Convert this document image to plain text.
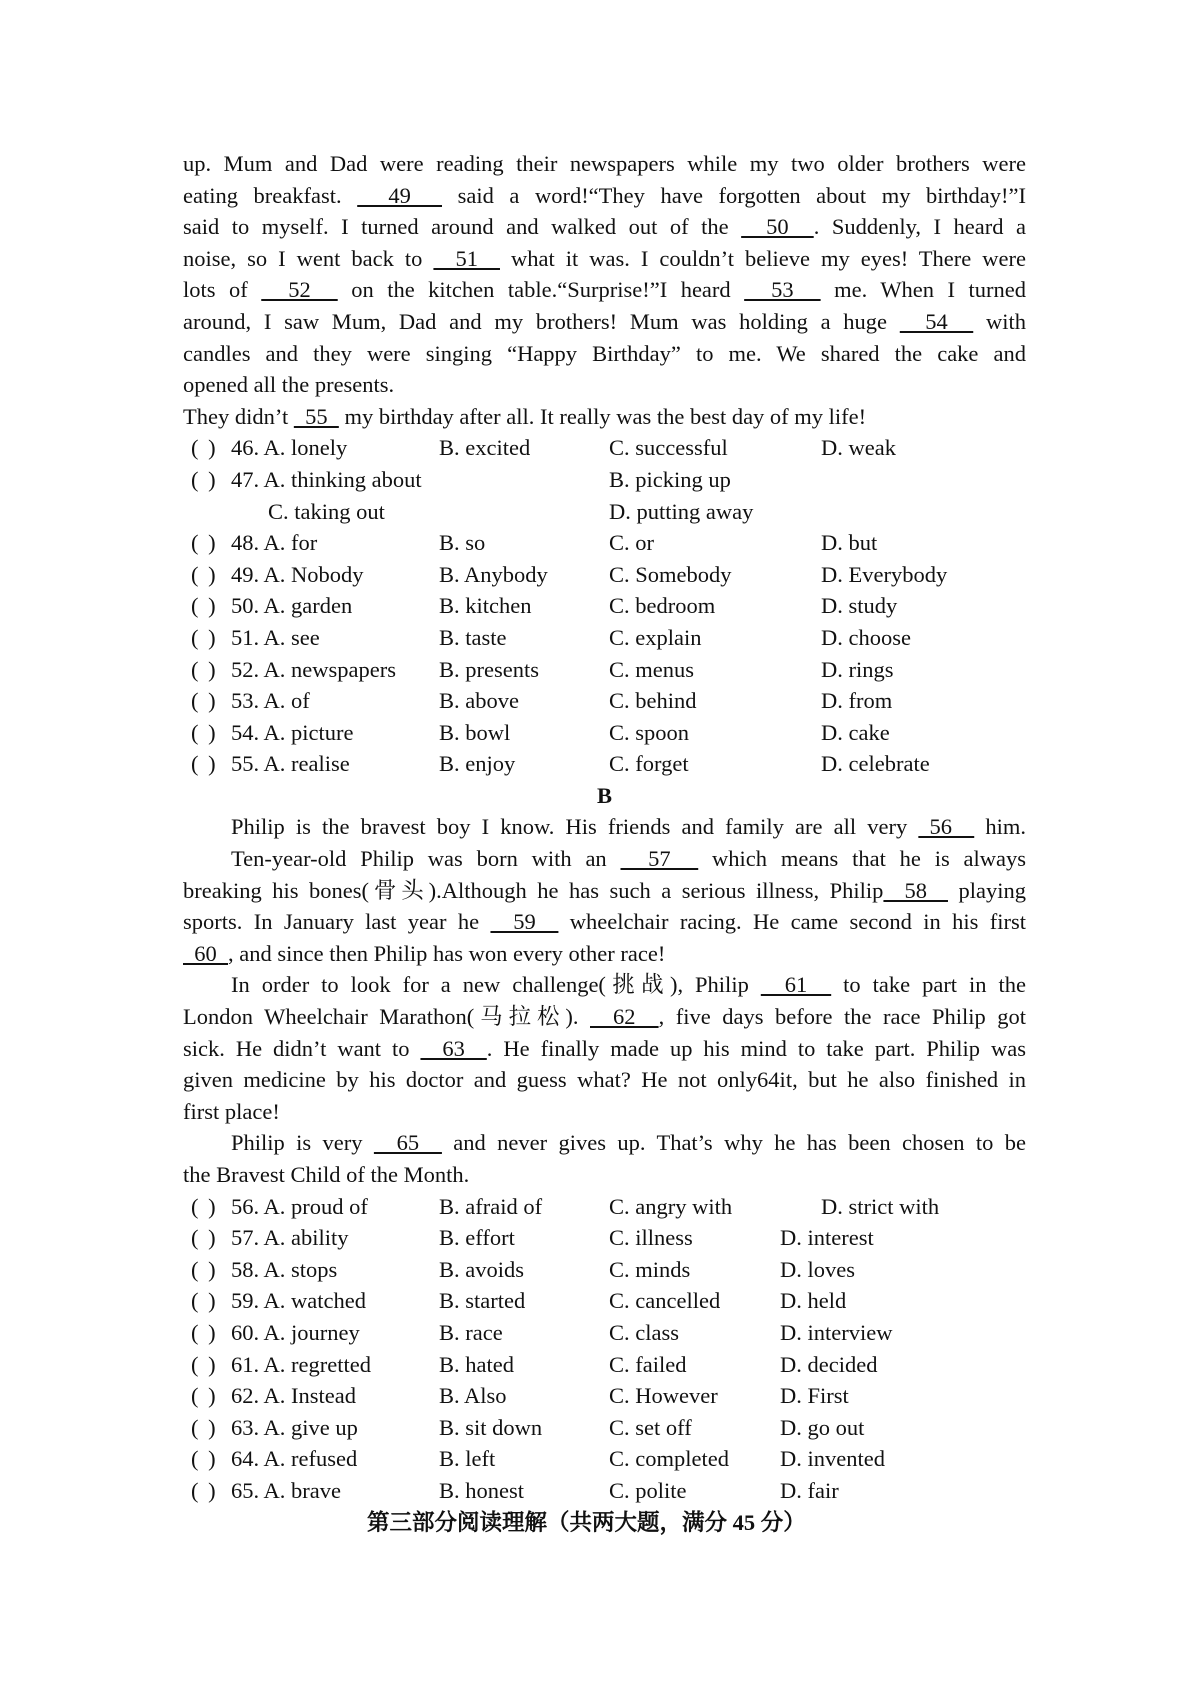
up. Mum and Dad were reading their newspapers while my two older brothers were
eating breakfast.   49   said a word!“They have forgotten about my birthday!”I
said to myself. I turned around and walked out of the   50  . Suddenly, I heard a
noise, so I went back to   51   what it was. I couldn’t believe my eyes! There were
lots of   52   on the kitchen table.“Surprise!”I heard   53   me. When I turned
around, I saw Mum, Dad and my brothers! Mum was holding a huge   54   with
candles and they were singing “Happy Birthday” to me. We shared the cake and
opened all the presents.
They didn’t   55   my birthday after all. It really was the best day of my life!
( ) 46. A. lonely	B. excited	C. successful	D. weak
( ) 47. A. thinking about	B. picking up
C. taking out	D. putting away
( ) 48. A. for	B. so	C. or	D. but
( ) 49. A. Nobody	B. Anybody	C. Somebody	D. Everybody
( ) 50. A. garden	B. kitchen	C. bedroom	D. study
( ) 51. A. see	B. taste	C. explain	D. choose
( ) 52. A. newspapers B. presents	C. menus	D. rings
( ) 53. A. of	B. above	C. behind	D. from
( ) 54. A. picture	B. bowl	C. spoon	D. cake
( ) 55. A. realise	B. enjoy	C. forget	D. celebrate
B
Philip is the bravest boy I know. His friends and family are all very  56   him.
Ten-year-old Philip was born with an   57   which means that he is always
breaking his bones(骨头).Although he has such a serious illness, Philip  58   playing
sports. In January last year he   59   wheelchair racing. He came second in his first
60  , and since then Philip has won every other race!
In order to look for a new challenge(挑战), Philip   61   to take part in the
London Wheelchair Marathon(马拉松).   62  , five days before the race Philip got
sick. He didn’t want to   63  . He finally made up his mind to take part. Philip was
given medicine by his doctor and guess what? He not only64it, but he also finished in
first place!
Philip is very   65   and never gives up. That’s why he has been chosen to be
the Bravest Child of the Month.
( ) 56. A. proud of	B. afraid of	C. angry with	D. strict with
( ) 57. A. ability	B. effort	C. illness	D. interest
( ) 58. A. stops	B. avoids	C. minds	D. loves
( ) 59. A. watched	B. started	C. cancelled	D. held
( ) 60. A. journey	B. race	C. class	D. interview
( ) 61. A. regretted	B. hated	C. failed	D. decided
( ) 62. A. Instead	B. Also	C. However	D. First
( ) 63. A. give up	B. sit down	C. set off	D. go out
( ) 64. A. refused	B. left	C. completed D. invented
( ) 65. A. brave	B. honest	C. polite	D. fair
第三部分阅读理解（共两大题，满分 45 分）
